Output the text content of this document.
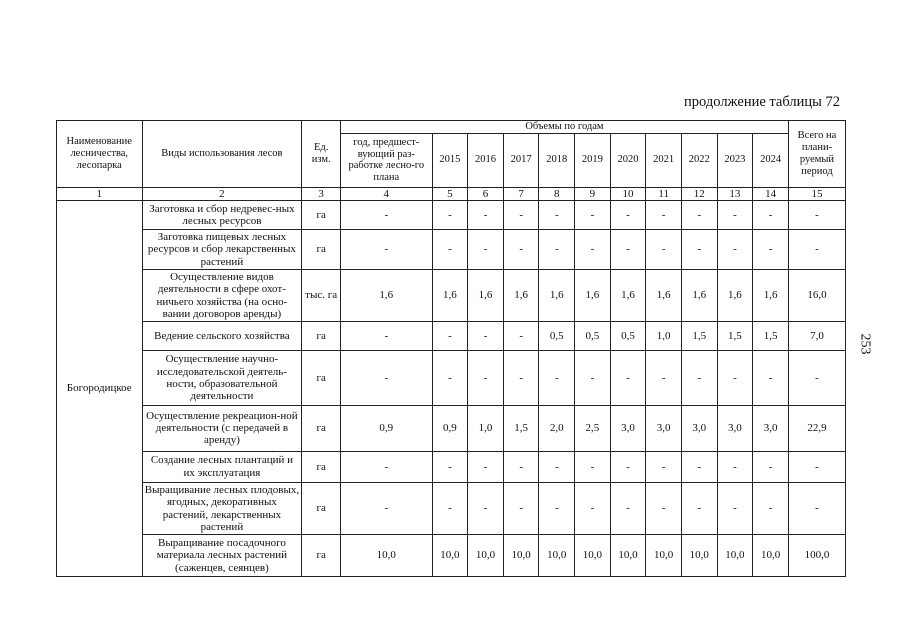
продолжение таблицы 72
253
Наименование лесничества, лесопарка	Виды использования лесов	Ед. изм.	Объемы по годам											Всего на плани-руемый период
			год, предшест-вующий раз-работке лесно-го плана	2015	2016	2017	2018	2019	2020	2021	2022	2023	2024	
1	2	3	4	5	6	7	8	9	10	11	12	13	14	15
Богородицкое	Заготовка и сбор недревес-ных лесных ресурсов	га	-	-	-	-	-	-	-	-	-	-	-	-
	Заготовка пищевых лесных ресурсов и сбор лекарственных растений	га	-	-	-	-	-	-	-	-	-	-	-	-
	Осуществление видов деятельности в сфере охот-ничьего хозяйства (на осно-вании договоров аренды)	тыс. га	1,6	1,6	1,6	1,6	1,6	1,6	1,6	1,6	1,6	1,6	1,6	16,0
	Ведение сельского хозяйства	га	-	-	-	-	0,5	0,5	0,5	1,0	1,5	1,5	1,5	7,0
	Осуществление научно-исследовательской деятель-ности, образовательной деятельности	га	-	-	-	-	-	-	-	-	-	-	-	-
	Осуществление рекреацион-ной деятельности (с передачей в аренду)	га	0,9	0,9	1,0	1,5	2,0	2,5	3,0	3,0	3,0	3,0	3,0	22,9
	Создание лесных плантаций и их эксплуатация	га	-	-	-	-	-	-	-	-	-	-	-	-
	Выращивание лесных плодовых, ягодных, декоративных растений, лекарственных растений	га	-	-	-	-	-	-	-	-	-	-	-	-
	Выращивание посадочного материала лесных растений (саженцев, сеянцев)	га	10,0	10,0	10,0	10,0	10,0	10,0	10,0	10,0	10,0	10,0	10,0	100,0
